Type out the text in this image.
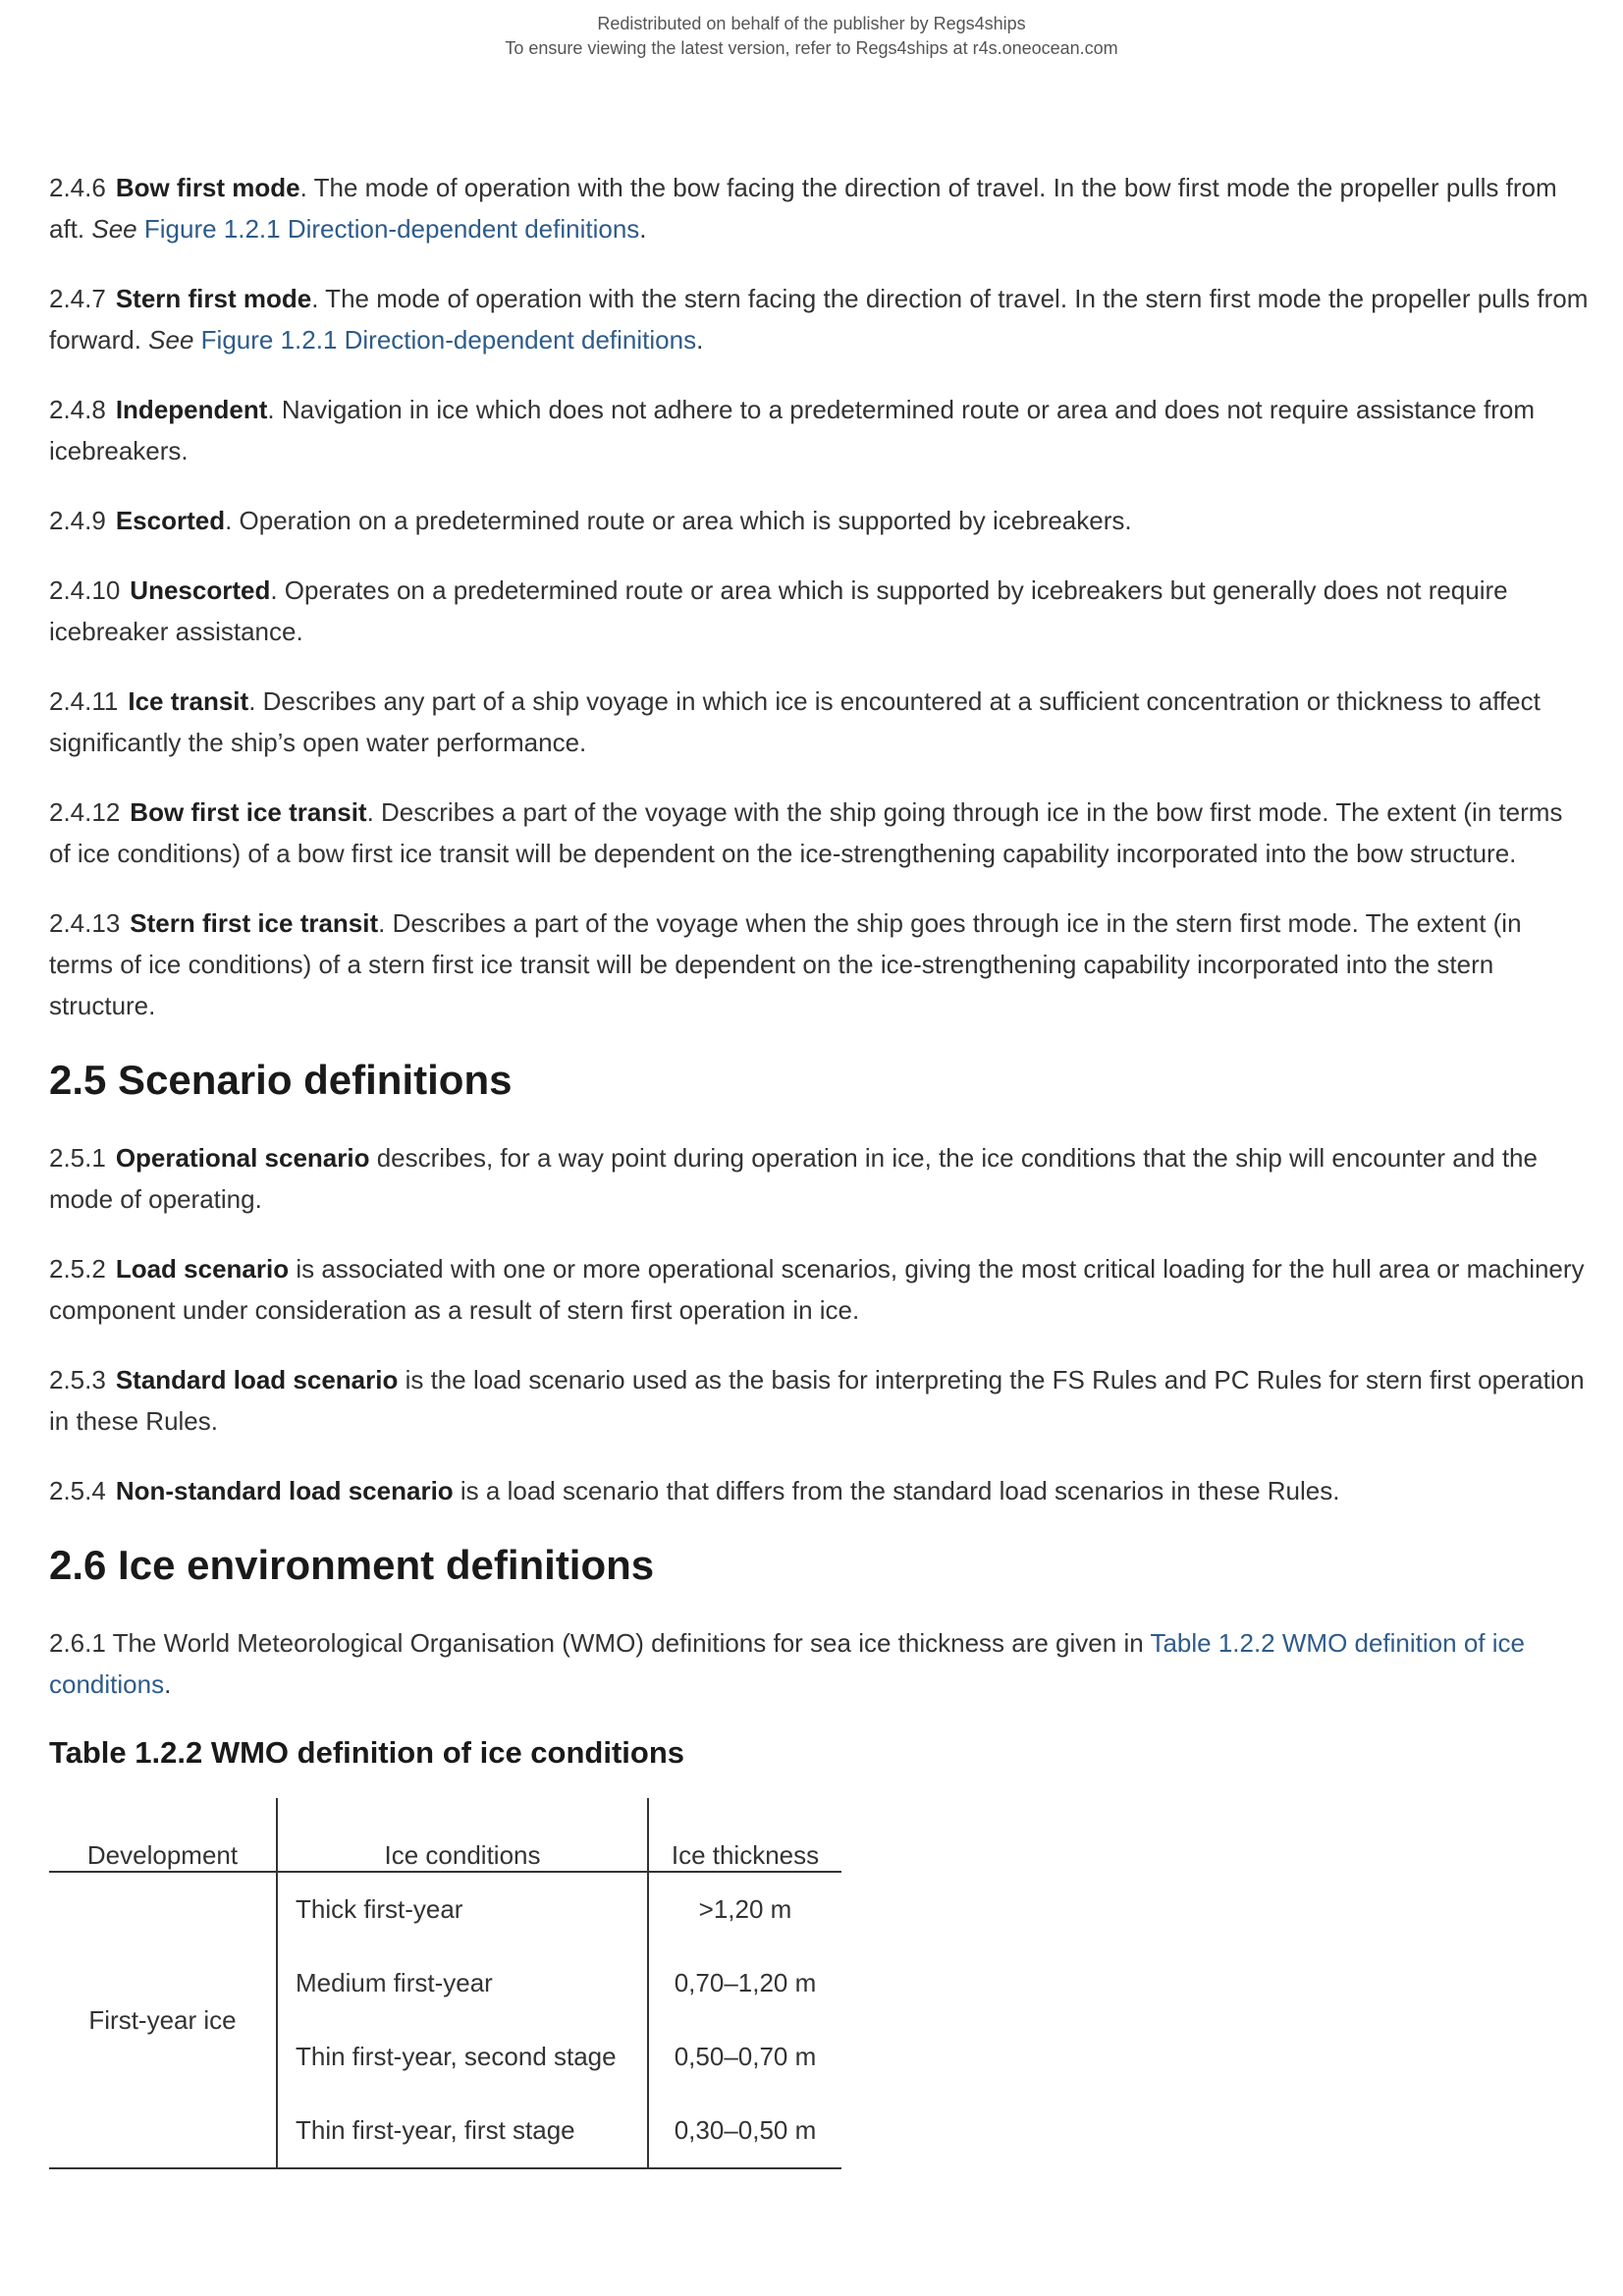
Redistributed on behalf of the publisher by Regs4ships
To ensure viewing the latest version, refer to Regs4ships at r4s.oneocean.com

2.4.6 Bow first mode. The mode of operation with the bow facing the direction of travel. In the bow first mode the propeller pulls from aft. See Figure 1.2.1 Direction-dependent definitions.

2.4.7 Stern first mode. The mode of operation with the stern facing the direction of travel. In the stern first mode the propeller pulls from forward. See Figure 1.2.1 Direction-dependent definitions.

2.4.8 Independent. Navigation in ice which does not adhere to a predetermined route or area and does not require assistance from icebreakers.

2.4.9 Escorted. Operation on a predetermined route or area which is supported by icebreakers.

2.4.10 Unescorted. Operates on a predetermined route or area which is supported by icebreakers but generally does not require icebreaker assistance.

2.4.11 Ice transit. Describes any part of a ship voyage in which ice is encountered at a sufficient concentration or thickness to affect significantly the ship’s open water performance.

2.4.12 Bow first ice transit. Describes a part of the voyage with the ship going through ice in the bow first mode. The extent (in terms of ice conditions) of a bow first ice transit will be dependent on the ice-strengthening capability incorporated into the bow structure.

2.4.13 Stern first ice transit. Describes a part of the voyage when the ship goes through ice in the stern first mode. The extent (in terms of ice conditions) of a stern first ice transit will be dependent on the ice-strengthening capability incorporated into the stern structure.

2.5 Scenario definitions

2.5.1 Operational scenario describes, for a way point during operation in ice, the ice conditions that the ship will encounter and the mode of operating.

2.5.2 Load scenario is associated with one or more operational scenarios, giving the most critical loading for the hull area or machinery component under consideration as a result of stern first operation in ice.

2.5.3 Standard load scenario is the load scenario used as the basis for interpreting the FS Rules and PC Rules for stern first operation in these Rules.

2.5.4 Non-standard load scenario is a load scenario that differs from the standard load scenarios in these Rules.

2.6 Ice environment definitions

2.6.1 The World Meteorological Organisation (WMO) definitions for sea ice thickness are given in Table 1.2.2 WMO definition of ice conditions.

Table 1.2.2 WMO definition of ice conditions
Development	Ice conditions	Ice thickness
First-year ice	Thick first-year	>1,20 m
	Medium first-year	0,70–1,20 m
	Thin first-year, second stage	0,50–0,70 m
	Thin first-year, first stage	0,30–0,50 m
